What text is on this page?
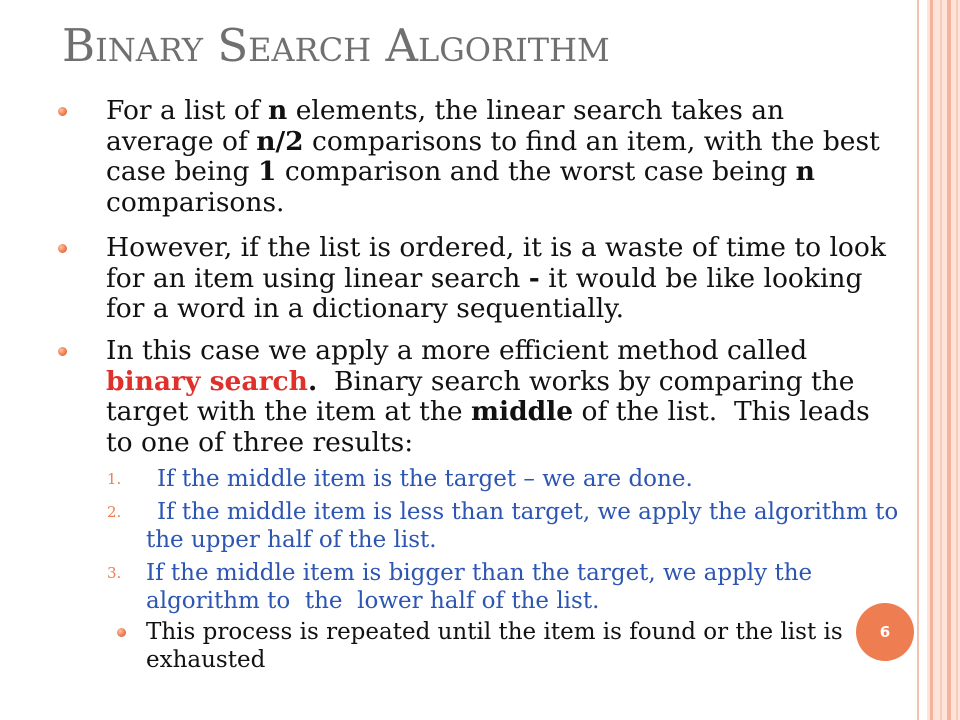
Binary Search Algorithm
For a list of n elements, the linear search takes an
average of n/2 comparisons to find an item, with the best
case being 1 comparison and the worst case being n
comparisons.
However, if the list is ordered, it is a waste of time to look
for an item using linear search - it would be like looking
for a word in a dictionary sequentially.
In this case we apply a more efficient method called
binary search.  Binary search works by comparing the
target with the item at the middle of the list.  This leads
to one of three results:
1.	If the middle item is the target – we are done.
2.	If the middle item is less than target, we apply the algorithm to
the upper half of the list.
3. If the middle item is bigger than the target, we apply the
algorithm to  the  lower half of the list.
This process is repeated until the item is found or the list is
exhausted
6
